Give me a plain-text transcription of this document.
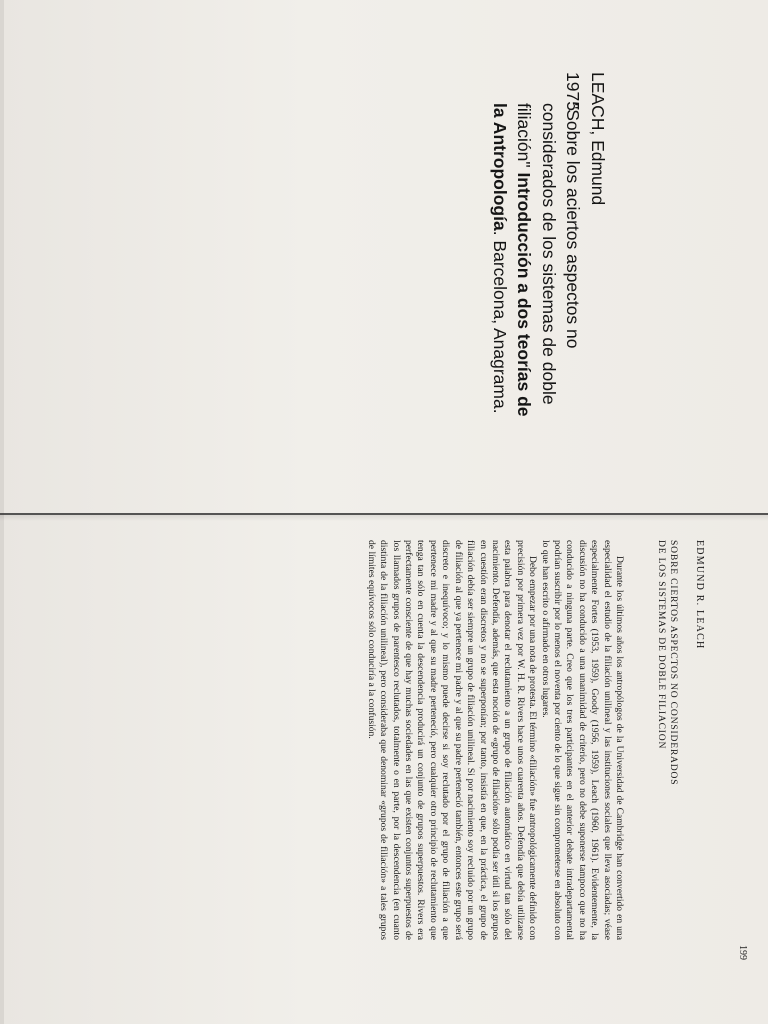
LEACH, Edmund
1975"Sobre los aciertos aspectos no
considerados de los sistemas de doble
filiación" Introducción a dos teorías de
la Antropología. Barcelona, Anagrama.
EDMUND R. LEACH
SOBRE CIERTOS ASPECTOS NO CONSIDERADOS
DE LOS SISTEMAS DE DOBLE FILIACION

Durante los últimos años los antropólogos de la Universidad de Cambridge han convertido en una especialidad el estudio de la filiación unilineal y las instituciones sociales que lleva asociadas; véase especialmente Fortes (1953, 1959), Goody (1956, 1959), Leach (1960, 1961). Evidentemente, la discusión no ha conducido a una unanimidad de criterio, pero no debe suponerse tampoco que no ha conducido a ninguna parte. Creo que los tres participantes en el anterior debate intradepartamental podrían suscribir por lo menos el noventa por ciento de lo que sigue sin comprometerse en absoluto con lo que han escrito o afirmado en otros lugares.

Debo empezar por una nota de protesta. El término «filiación» fue antropológicamente definido con precisión por primera vez por W. H. R. Rivers hace unos cuarenta años. Defendía que debía utilizarse esta palabra para denotar el reclutamiento a un grupo de filiación automático en virtud tan sólo del nacimiento. Defendía, además, que esta noción de «grupo de filiación» sólo podía ser útil si los grupos en cuestión eran discretos y no se superponían; por tanto, insistía en que, en la práctica, el grupo de filiación debía ser siempre un grupo de filiación unilineal. Si por nacimiento soy recluido por un grupo de filiación al que ya pertenece mi padre y al que su padre perteneció también, entonces este grupo será discreto e inequívoco; y lo mismo puede decirse si soy reclutado por el grupo de filiación a que pertenece mi madre y al que su madre perteneció, pero cualquier otro principio de reclutamiento que tenga tan sólo en cuenta la descendencia producirá un conjunto de grupos superpuestos. Rivers era perfectamente consciente de que hay muchas sociedades en las que existen conjuntos superpuestos de los llamados grupos de parentesco reclutados, totalmente o en parte, por la descendencia (en cuanto distinta de la filiación unilineal), pero consideraba que denominar «grupos de filiación» a tales grupos de límites equívocos sólo conduciría a la confusión.

199
